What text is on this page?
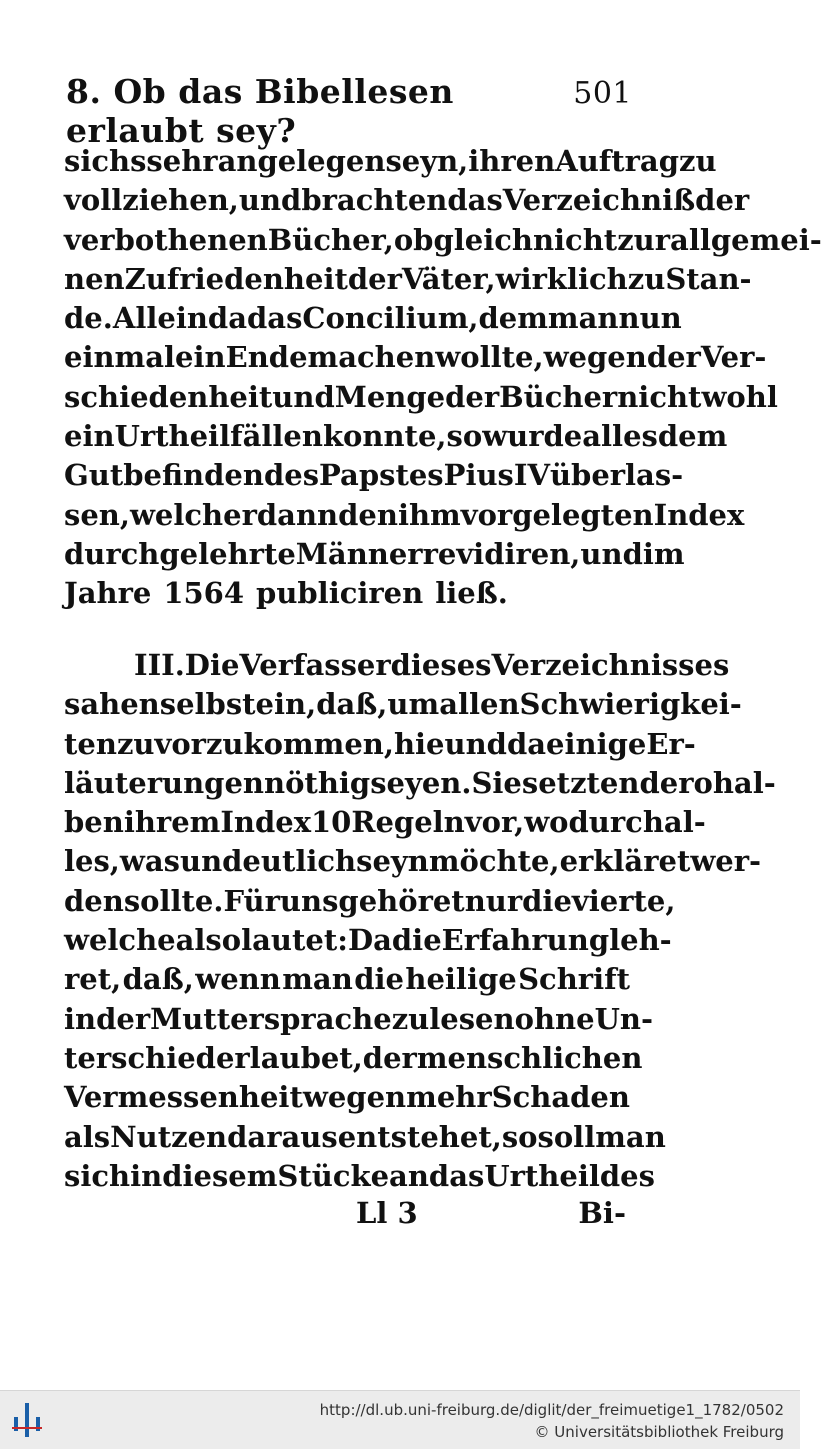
8. Ob das Bibellesen erlaubt sey?
501
sichs sehr angelegen seyn, ihren Auftrag zu
vollziehen, und brachten das Verzeichniß der
verbothenen Bücher, obgleich nicht zur allgemei-
nen Zufriedenheit der Väter, wirklich zu Stan-
de. Allein da das Concilium, dem man nun
einmal ein Ende machen wollte, wegen der Ver-
schiedenheit und Menge der Bücher nicht wohl
ein Urtheil fällen konnte, so wurde alles dem
Gutbefinden des Papstes Pius IV überlas-
sen, welcher dann den ihm vorgelegten Index
durch gelehrte Männer revidiren, und im
Jahre 1564 publiciren ließ.
III. Die Verfasser dieses Verzeichnisses
sahen selbst ein, daß, um allen Schwierigkei-
ten zuvorzukommen, hie und da einige Er-
läuterungen nöthig seyen. Sie setzten derohal-
ben ihrem Index 10 Regeln vor, wodurch al-
les, was undeutlich seyn möchte, erkläret wer-
den sollte. Für uns gehöret nur die vierte,
welche also lautet: Da die Erfahrung leh-
ret, daß, wenn man die heilige Schrift
in der Muttersprache zu lesen ohne Un-
terschied erlaubet, der menschlichen
Vermessenheit wegen mehr Schaden
als Nutzen daraus entstehet, so soll man
sich in diesem Stücke an das Urtheil des
Ll 3	Bi-
http://dl.ub.uni-freiburg.de/diglit/der_freimuetige1_1782/0502
© Universitätsbibliothek Freiburg
